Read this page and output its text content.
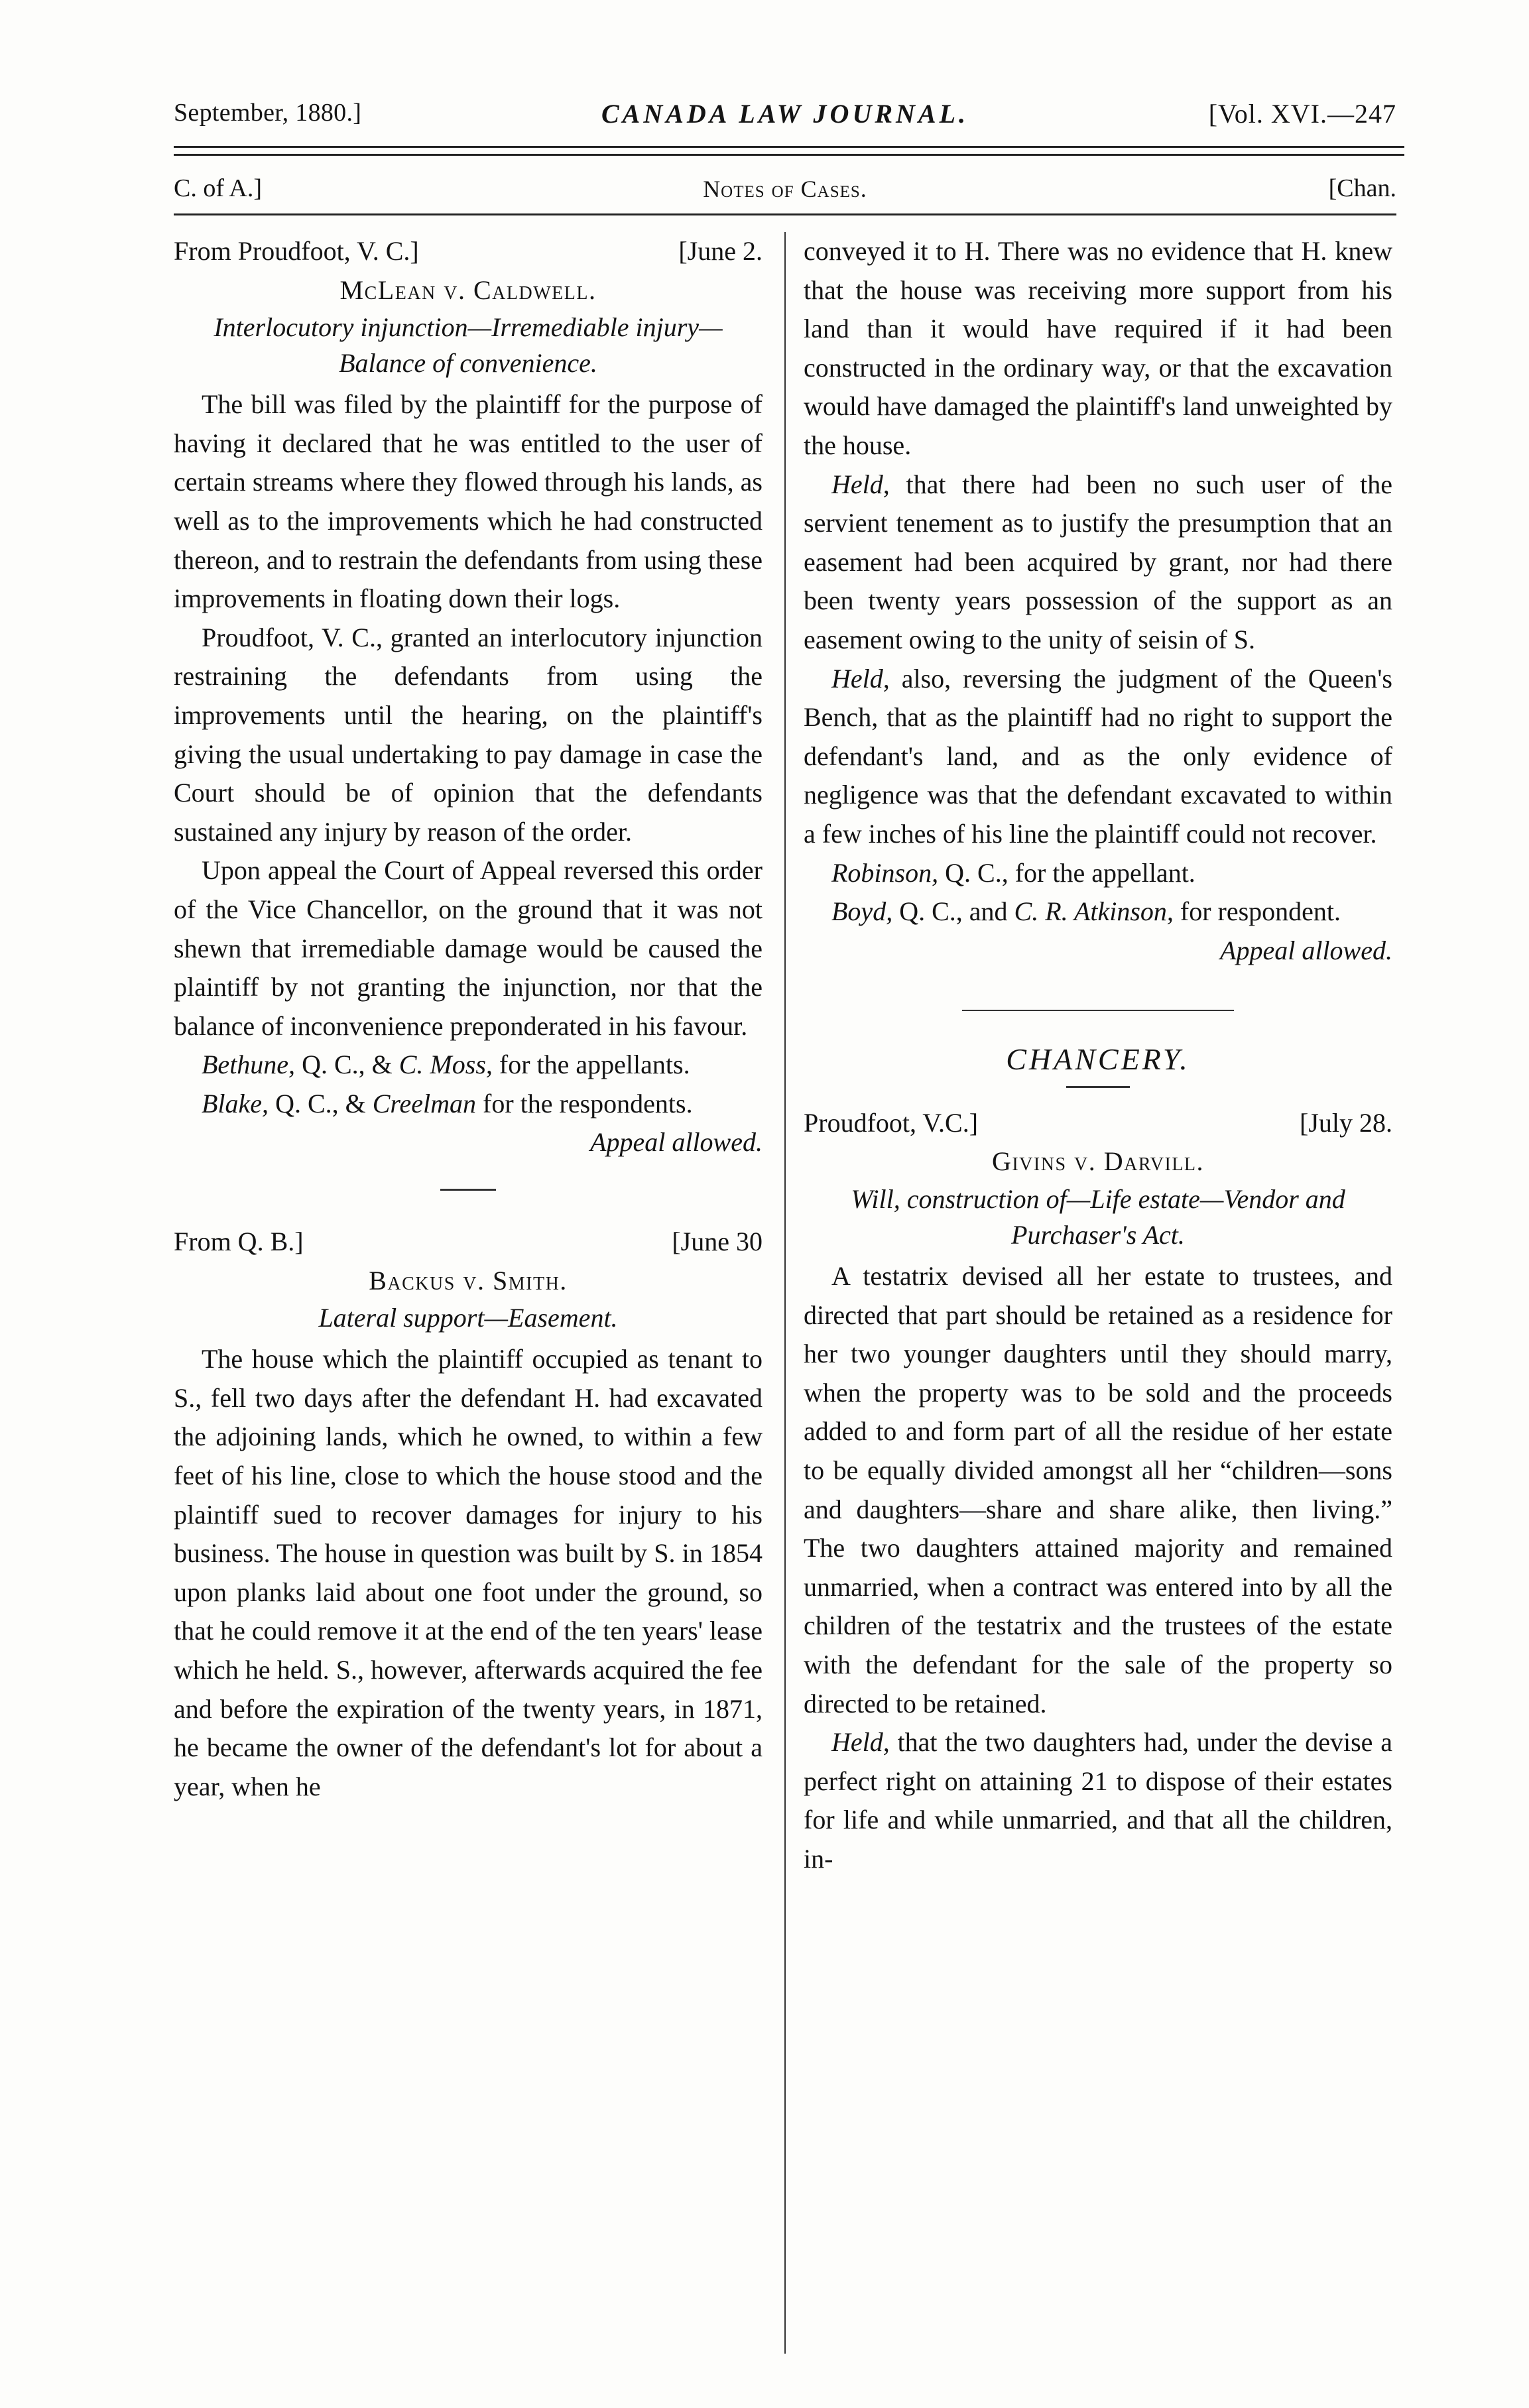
September, 1880.]	CANADA LAW JOURNAL.	[Vol. XVI.—247
C. of A.]	Notes of Cases.	[Chan.
From Proudfoot, V. C.]	[June 2.
McLean v. Caldwell.
Interlocutory injunction—Irremediable injury—Balance of convenience.

The bill was filed by the plaintiff for the purpose of having it declared that he was entitled to the user of certain streams where they flowed through his lands, as well as to the improvements which he had constructed thereon, and to restrain the defendants from using these improvements in floating down their logs.

Proudfoot, V. C., granted an interlocutory injunction restraining the defendants from using the improvements until the hearing, on the plaintiff's giving the usual undertaking to pay damage in case the Court should be of opinion that the defendants sustained any injury by reason of the order.

Upon appeal the Court of Appeal reversed this order of the Vice Chancellor, on the ground that it was not shewn that irremediable damage would be caused the plaintiff by not granting the injunction, nor that the balance of inconvenience preponderated in his favour.

Bethune, Q. C., & C. Moss, for the appellants.

Blake, Q. C., & Creelman for the respondents.

Appeal allowed.
From Q. B.]	[June 30
Backus v. Smith.
Lateral support—Easement.

The house which the plaintiff occupied as tenant to S., fell two days after the defendant H. had excavated the adjoining lands, which he owned, to within a few feet of his line, close to which the house stood and the plaintiff sued to recover damages for injury to his business. The house in question was built by S. in 1854 upon planks laid about one foot under the ground, so that he could remove it at the end of the ten years' lease which he held. S., however, afterwards acquired the fee and before the expiration of the twenty years, in 1871, he became the owner of the defendant's lot for about a year, when he

conveyed it to H. There was no evidence that H. knew that the house was receiving more support from his land than it would have required if it had been constructed in the ordinary way, or that the excavation would have damaged the plaintiff's land unweighted by the house.

Held, that there had been no such user of the servient tenement as to justify the presumption that an easement had been acquired by grant, nor had there been twenty years possession of the support as an easement owing to the unity of seisin of S.

Held, also, reversing the judgment of the Queen's Bench, that as the plaintiff had no right to support the defendant's land, and as the only evidence of negligence was that the defendant excavated to within a few inches of his line the plaintiff could not recover.

Robinson, Q. C., for the appellant.

Boyd, Q. C., and C. R. Atkinson, for respondent.

Appeal allowed.
CHANCERY.
Proudfoot, V.C.]	[July 28.
Givins v. Darvill.
Will, construction of—Life estate—Vendor and Purchaser's Act.

A testatrix devised all her estate to trustees, and directed that part should be retained as a residence for her two younger daughters until they should marry, when the property was to be sold and the proceeds added to and form part of all the residue of her estate to be equally divided amongst all her “children—sons and daughters—share and share alike, then living.” The two daughters attained majority and remained unmarried, when a contract was entered into by all the children of the testatrix and the trustees of the estate with the defendant for the sale of the property so directed to be retained.

Held, that the two daughters had, under the devise a perfect right on attaining 21 to dispose of their estates for life and while unmarried, and that all the children, in-
